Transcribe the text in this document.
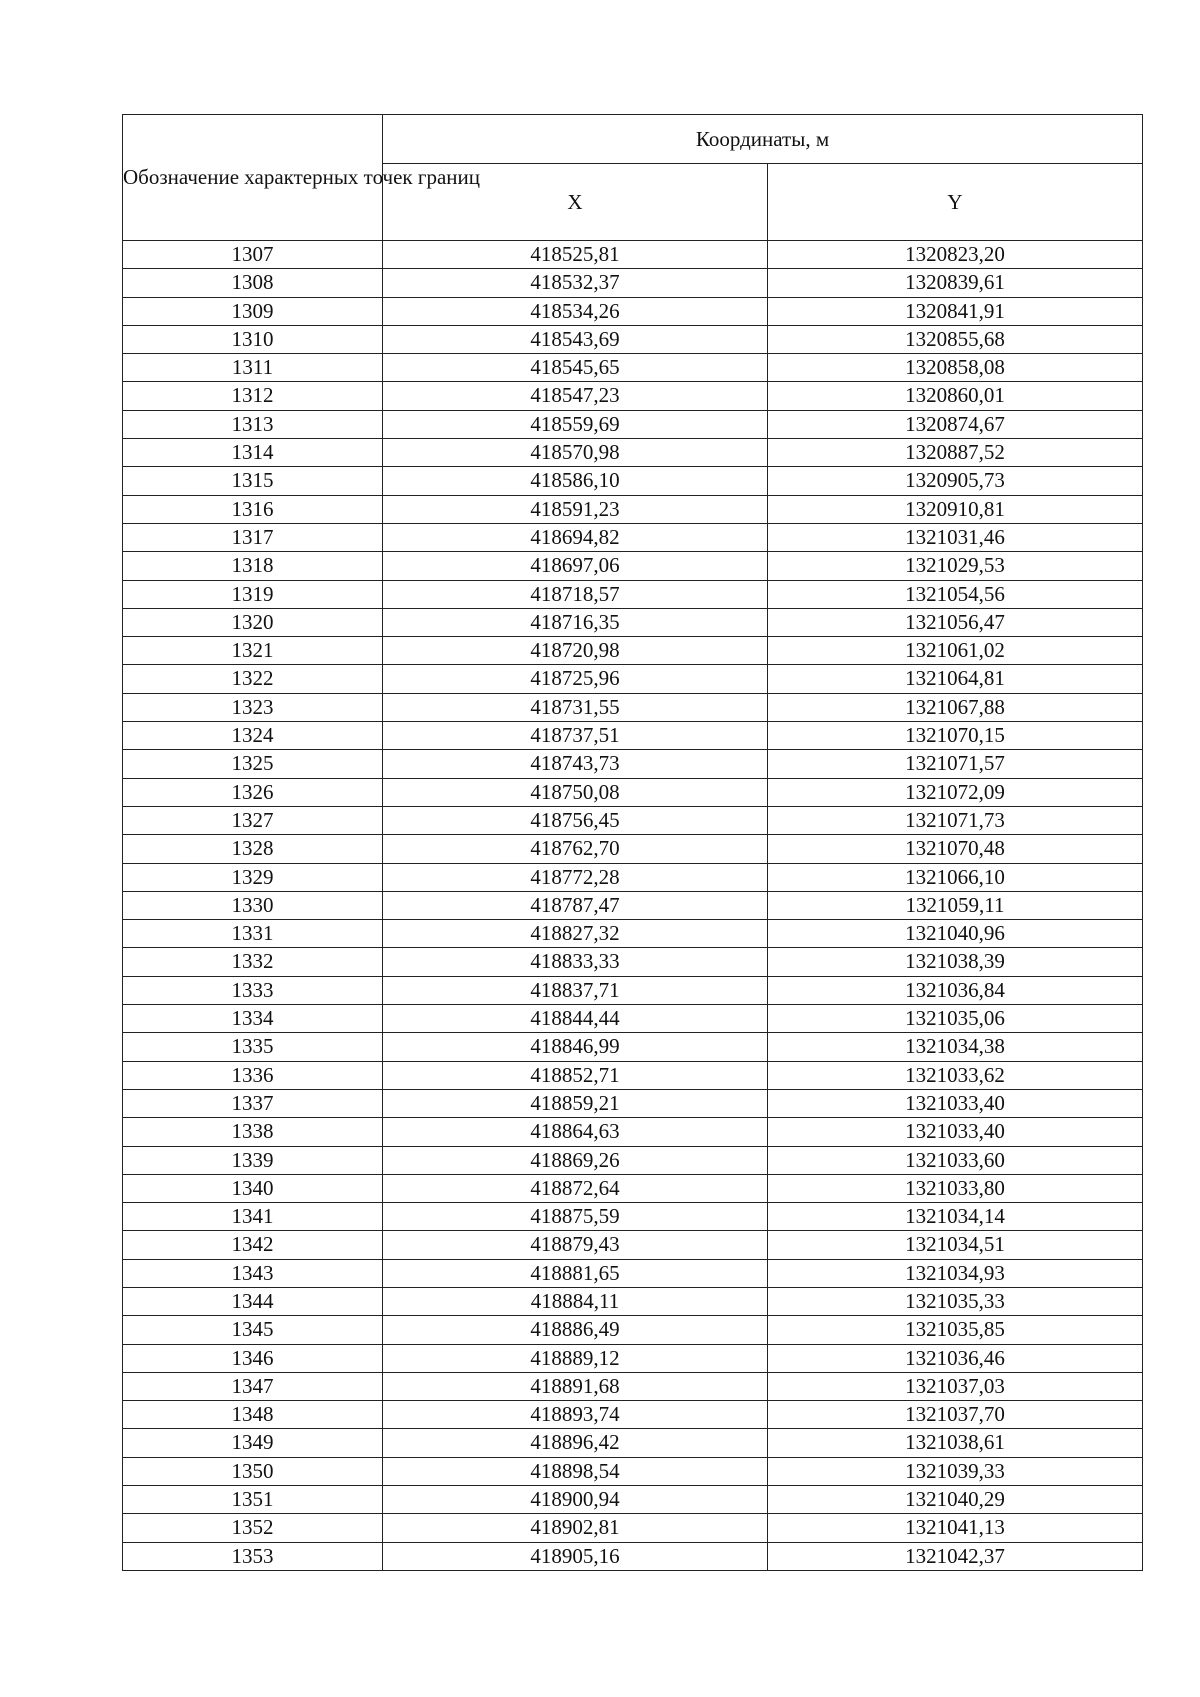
Обозначение характерных точек границ	Координаты, м	
	X	Y
1307	418525,81	1320823,20
1308	418532,37	1320839,61
1309	418534,26	1320841,91
1310	418543,69	1320855,68
1311	418545,65	1320858,08
1312	418547,23	1320860,01
1313	418559,69	1320874,67
1314	418570,98	1320887,52
1315	418586,10	1320905,73
1316	418591,23	1320910,81
1317	418694,82	1321031,46
1318	418697,06	1321029,53
1319	418718,57	1321054,56
1320	418716,35	1321056,47
1321	418720,98	1321061,02
1322	418725,96	1321064,81
1323	418731,55	1321067,88
1324	418737,51	1321070,15
1325	418743,73	1321071,57
1326	418750,08	1321072,09
1327	418756,45	1321071,73
1328	418762,70	1321070,48
1329	418772,28	1321066,10
1330	418787,47	1321059,11
1331	418827,32	1321040,96
1332	418833,33	1321038,39
1333	418837,71	1321036,84
1334	418844,44	1321035,06
1335	418846,99	1321034,38
1336	418852,71	1321033,62
1337	418859,21	1321033,40
1338	418864,63	1321033,40
1339	418869,26	1321033,60
1340	418872,64	1321033,80
1341	418875,59	1321034,14
1342	418879,43	1321034,51
1343	418881,65	1321034,93
1344	418884,11	1321035,33
1345	418886,49	1321035,85
1346	418889,12	1321036,46
1347	418891,68	1321037,03
1348	418893,74	1321037,70
1349	418896,42	1321038,61
1350	418898,54	1321039,33
1351	418900,94	1321040,29
1352	418902,81	1321041,13
1353	418905,16	1321042,37
